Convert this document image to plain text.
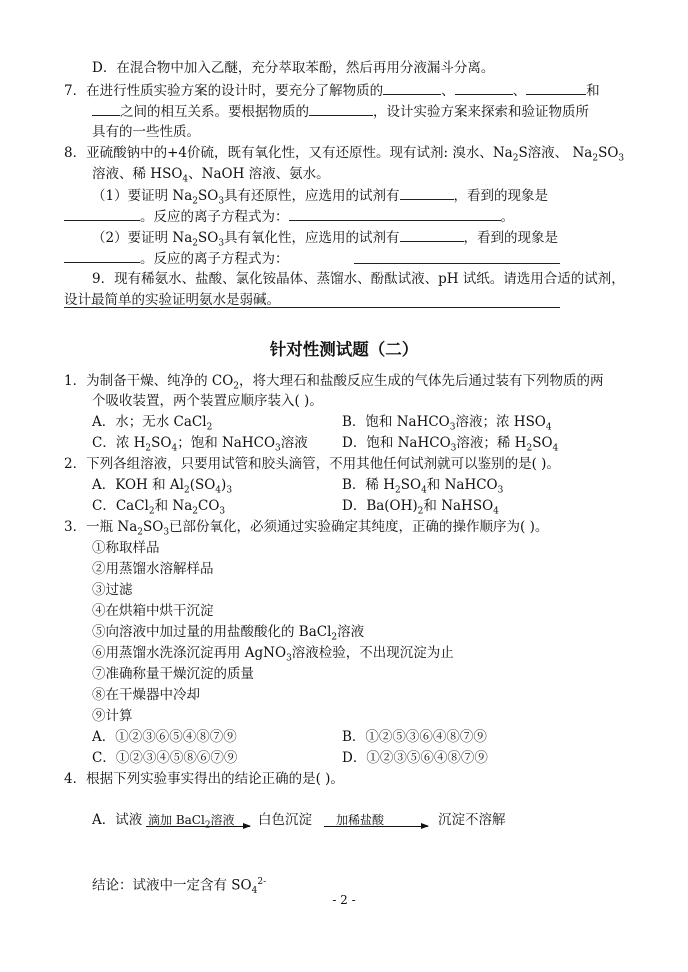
D．在混合物中加入乙醚，充分萃取苯酚，然后再用分液漏斗分离。
7．在进行性质实验方案的设计时，要充分了解物质的	、	、	和
之间的相互关系。要根据物质的	，设计实验方案来探索和验证物质所
具有的一些性质。
8．亚硫酸钠中的+4价硫，既有氧化性，又有还原性。现有试剂: 溴水、$Na_2S$溶液、 $Na_2SO_3$
溶液、稀 $HSO_4$、NaOH 溶液、氨水。
（1）要证明 $Na_2SO_3$具有还原性，应选用的试剂有	，看到的现象是
。反应的离子方程式为：	。
（2）要证明 $Na_2SO_3$具有氧化性，应选用的试剂有	，看到的现象是
。反应的离子方程式为：
9．现有稀氨水、盐酸、氯化铵晶体、蒸馏水、酚酞试液、pH 试纸。请选用合适的试剂，
设计最简单的实验证明氨水是弱碱。
针对性测试题（二）
1．为制备干燥、纯净的 $CO_2$，将大理石和盐酸反应生成的气体先后通过装有下列物质的两
个吸收装置，两个装置应顺序装入( )。
A．水；无水 CaCl$_2$	B．饱和 NaHCO$_3$溶液；浓 $HSO_4$
C．浓 $H_2SO_4$；饱和 NaHCO$_3$溶液	D．饱和 NaHCO$_3$溶液；稀 $H_2SO_4$
2．下列各组溶液，只要用试管和胶头滴管，不用其他任何试剂就可以鉴别的是( )。
A．KOH 和 $Al_2(SO_4)_3$	B．稀 $H_2SO_4$和 NaHCO$_3$
C．CaCl$_2$和 $Na_2CO_3$	D．$Ba(OH)_2$和 NaHSO$_4$
3．一瓶 $Na_2SO_3$已部份氧化，必须通过实验确定其纯度，正确的操作顺序为( )。
①称取样品
②用蒸馏水溶解样品
③过滤
④在烘箱中烘干沉淀
⑤向溶液中加过量的用盐酸酸化的 BaCl$_2$溶液
⑥用蒸馏水洗涤沉淀再用 AgNO$_3$溶液检验，不出现沉淀为止
⑦准确称量干燥沉淀的质量
⑧在干燥器中冷却
⑨计算
A．①②③⑥⑤④⑧⑦⑨	B．①②⑤③⑥④⑧⑦⑨
C．①②③④⑤⑧⑥⑦⑨	D．①②③⑤⑥④⑧⑦⑨
4．根据下列实验事实得出的结论正确的是( )。
A．试液 滴加 BaCl$_2$溶液 白色沉淀 加稀盐酸	沉淀不溶解
结论：试液中一定含有 $SO_4^{2-}$
- 2 -
